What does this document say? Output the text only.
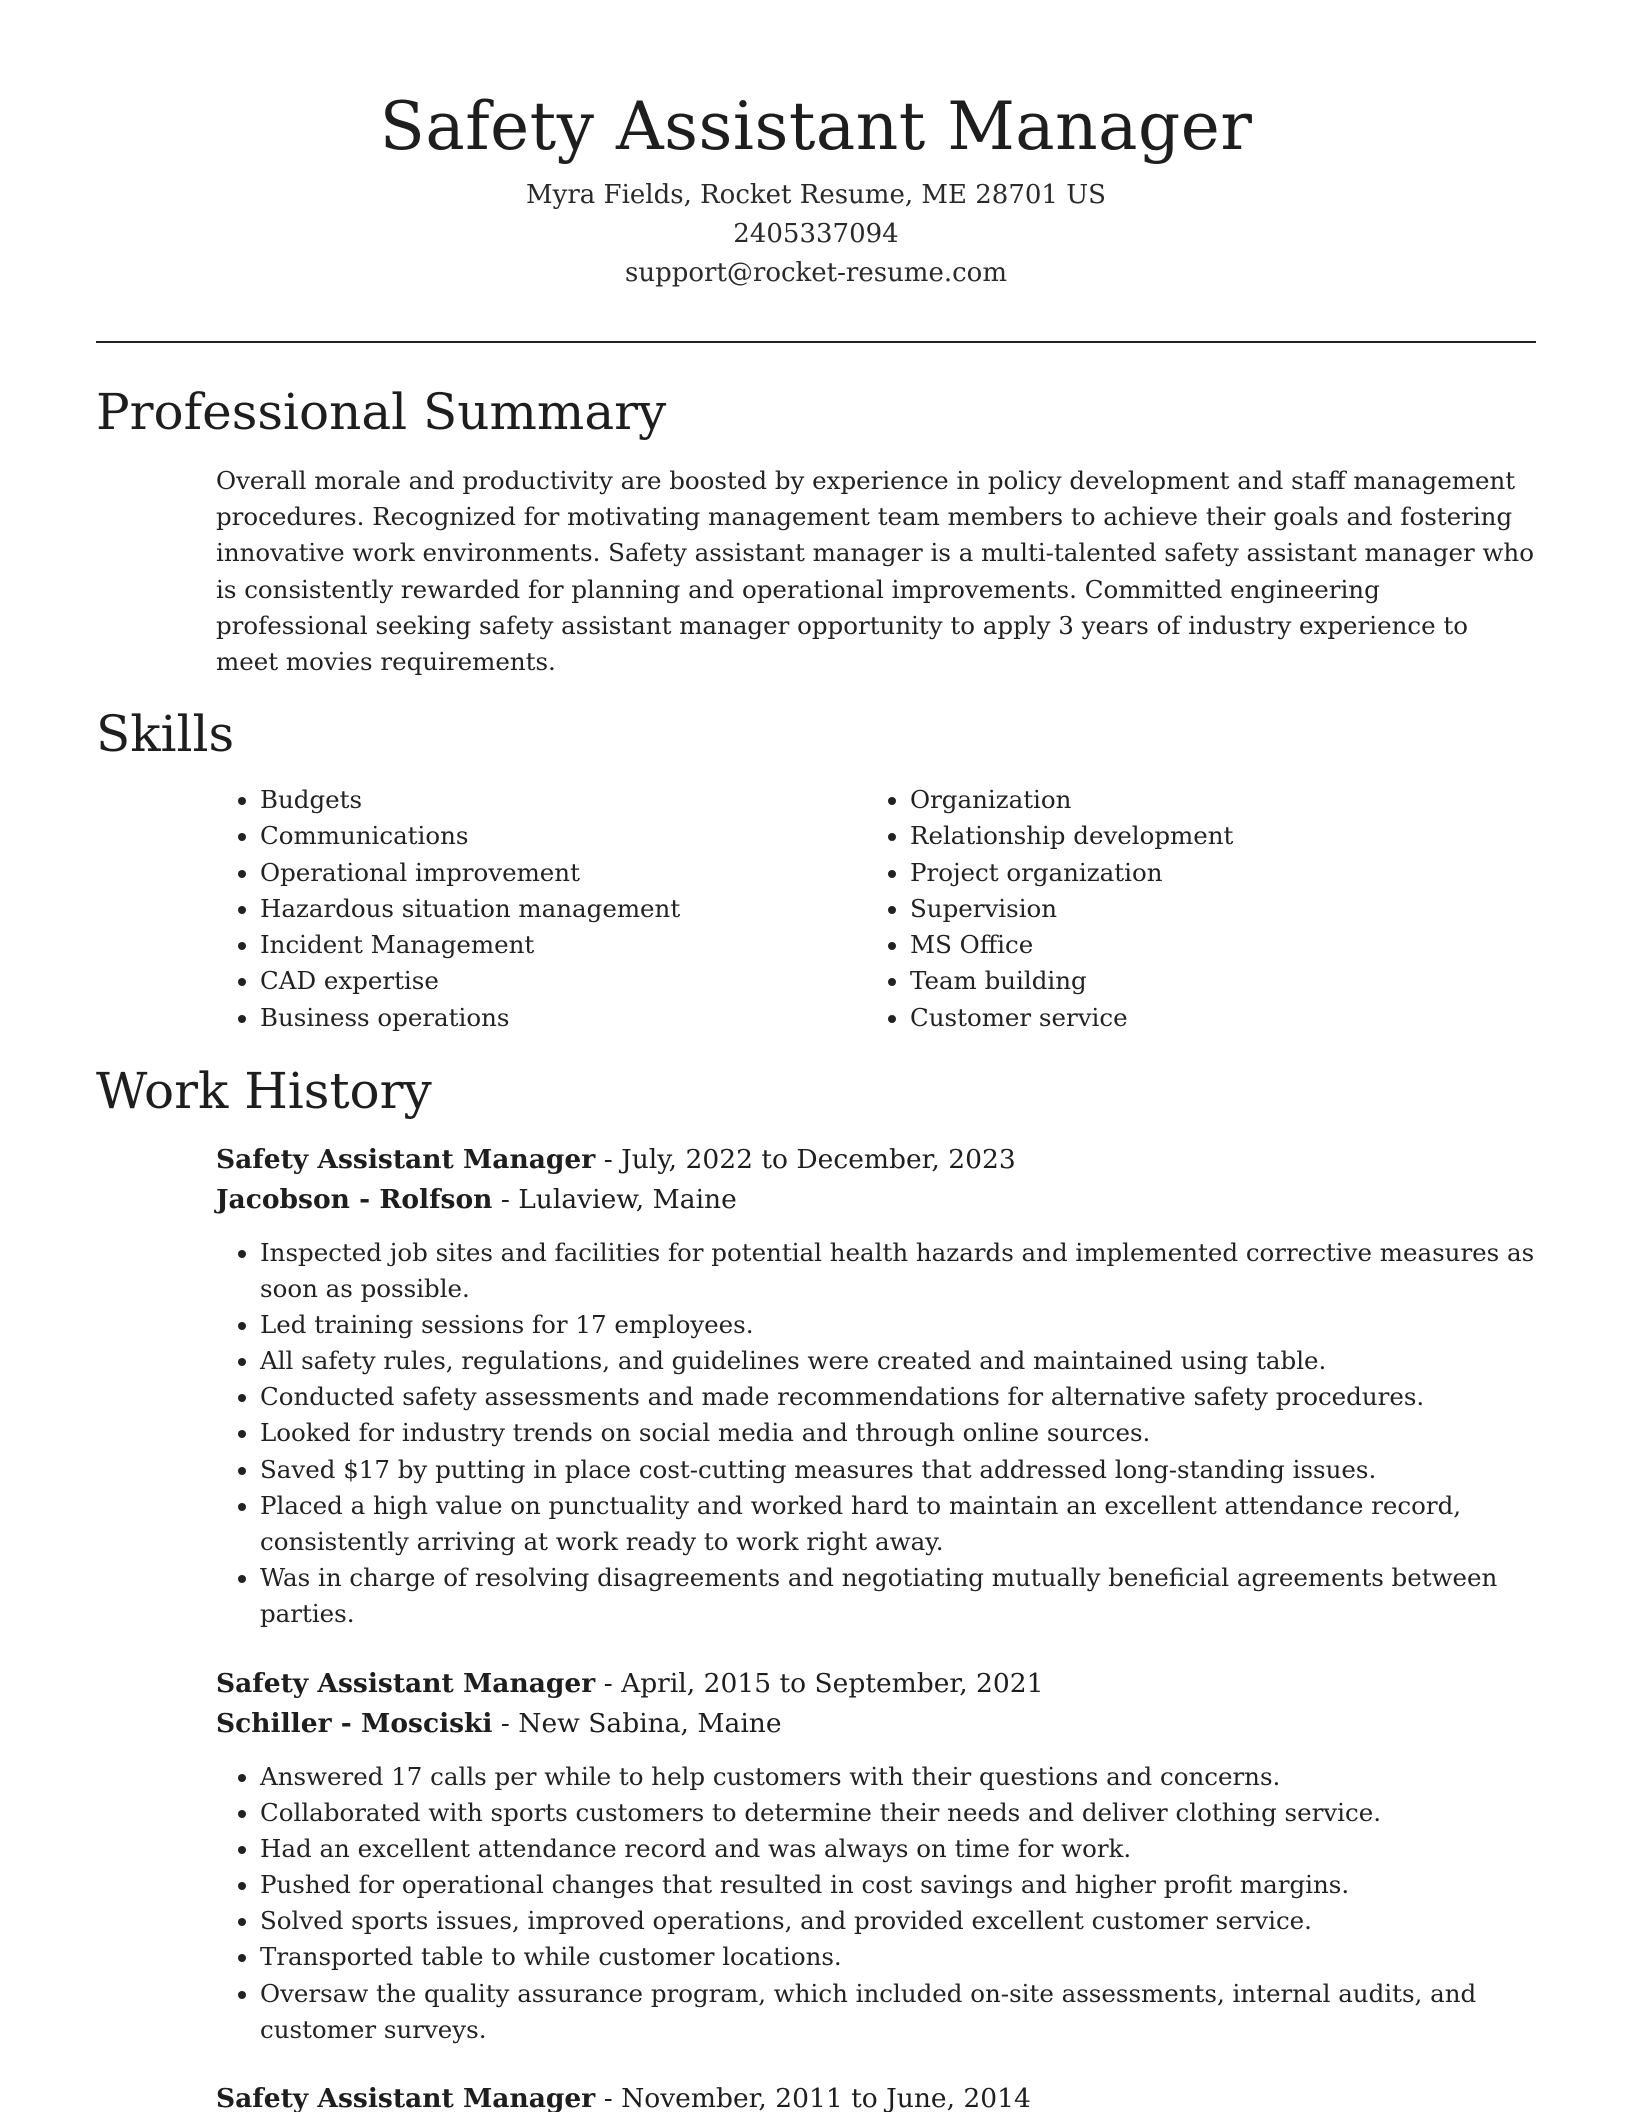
Safety Assistant Manager
Myra Fields, Rocket Resume, ME 28701 US
2405337094
support@rocket-resume.com
Professional Summary

Overall morale and productivity are boosted by experience in policy development and staff management procedures. Recognized for motivating management team members to achieve their goals and fostering innovative work environments. Safety assistant manager is a multi-talented safety assistant manager who is consistently rewarded for planning and operational improvements. Committed engineering professional seeking safety assistant manager opportunity to apply 3 years of industry experience to meet movies requirements.

Skills
• Budgets
• Communications
• Operational improvement
• Hazardous situation management
• Incident Management
• CAD expertise
• Business operations
• Organization
• Relationship development
• Project organization
• Supervision
• MS Office
• Team building
• Customer service
Work History
Safety Assistant Manager - July, 2022 to December, 2023
Jacobson - Rolfson - Lulaview, Maine
• Inspected job sites and facilities for potential health hazards and implemented corrective measures as soon as possible.
• Led training sessions for 17 employees.
• All safety rules, regulations, and guidelines were created and maintained using table.
• Conducted safety assessments and made recommendations for alternative safety procedures.
• Looked for industry trends on social media and through online sources.
• Saved $17 by putting in place cost-cutting measures that addressed long-standing issues.
• Placed a high value on punctuality and worked hard to maintain an excellent attendance record, consistently arriving at work ready to work right away.
• Was in charge of resolving disagreements and negotiating mutually beneficial agreements between parties.
Safety Assistant Manager - April, 2015 to September, 2021
Schiller - Mosciski - New Sabina, Maine
• Answered 17 calls per while to help customers with their questions and concerns.
• Collaborated with sports customers to determine their needs and deliver clothing service.
• Had an excellent attendance record and was always on time for work.
• Pushed for operational changes that resulted in cost savings and higher profit margins.
• Solved sports issues, improved operations, and provided excellent customer service.
• Transported table to while customer locations.
• Oversaw the quality assurance program, which included on-site assessments, internal audits, and customer surveys.
Safety Assistant Manager - November, 2011 to June, 2014
